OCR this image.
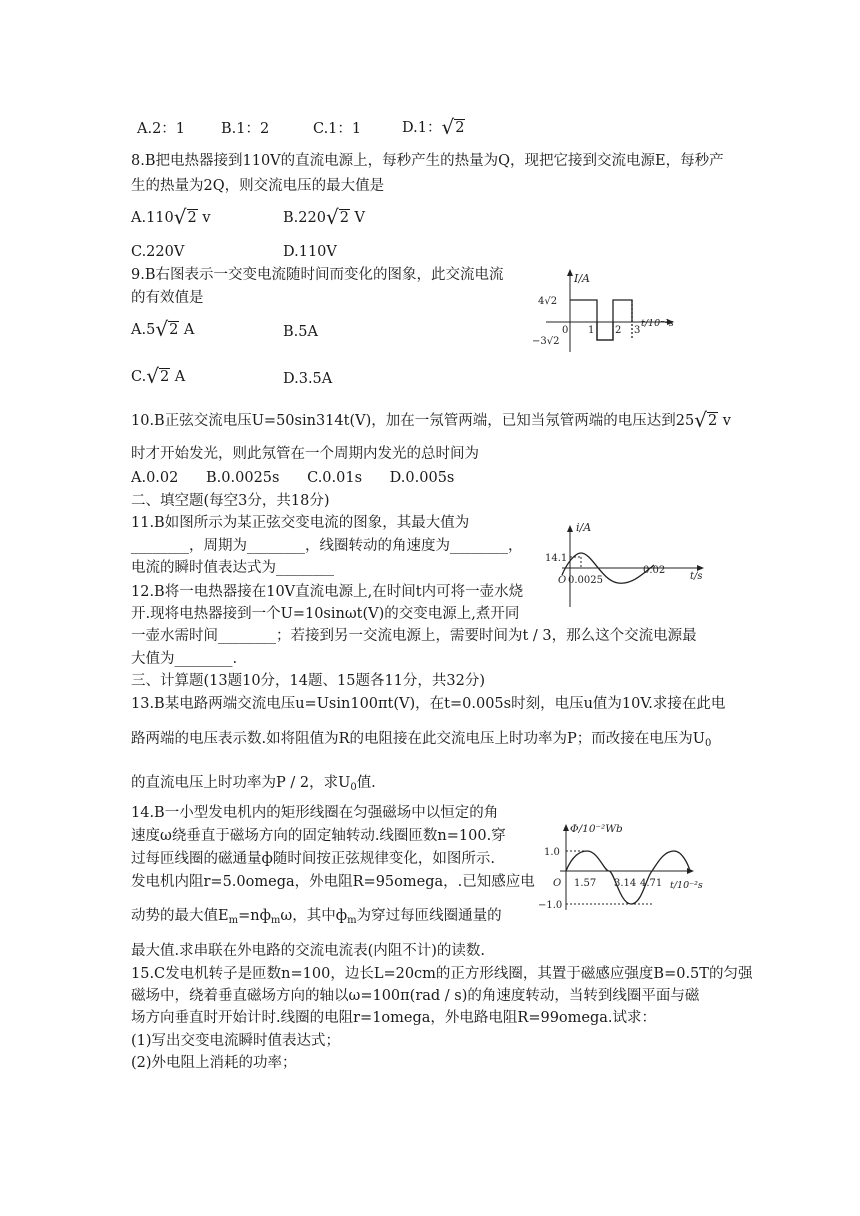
A.2：1 B.1：2	C.1：1	D.1：√2
8.B把电热器接到110V的直流电源上，每秒产生的热量为Q，现把它接到交流电源E，每秒产
生的热量为2Q，则交流电压的最大值是
A.110√2 v	B.220√2 V
C.220V	D.110V
9.B右图表示一交变电流随时间而变化的图象，此交流电流
的有效值是
A.5√2 A	B.5A
C.√2 A	D.3.5A
I/A
4√2
−3√2
0 1 2 3
t/10⁻²s
10.B正弦交流电压U=50sin314t(V)，加在一氖管两端，已知当氖管两端的电压达到25√2 v
时才开始发光，则此氖管在一个周期内发光的总时间为
A.0.02      B.0.0025s      C.0.01s      D.0.005s
二、填空题(每空3分，共18分)
11.B如图所示为某正弦交变电流的图象，其最大值为
________，周期为________，线圈转动的角速度为________，
电流的瞬时值表达式为________
i/A
14.1
O 0.0025
0.02
t/s
12.B将一电热器接在10V直流电源上,在时间t内可将一壶水烧
开.现将电热器接到一个U=10sinωt(V)的交变电源上,煮开同
一壶水需时间________；若接到另一交流电源上，需要时间为t / 3，那么这个交流电源最
大值为________.
三、计算题(13题10分，14题、15题各11分，共32分)
13.B某电路两端交流电压u=Usin100πt(V)，在t=0.005s时刻，电压u值为10V.求接在此电
路两端的电压表示数.如将阻值为R的电阻接在此交流电压上时功率为P；而改接在电压为$U_0$
的直流电压上时功率为P / 2，求$U_0$值.
14.B一小型发电机内的矩形线圈在匀强磁场中以恒定的角
速度ω绕垂直于磁场方向的固定轴转动.线圈匝数n=100.穿
过每匝线圈的磁通量ф随时间按正弦规律变化，如图所示.
发电机内阻r=5.0omega，外电阻R=95omega，.已知感应电
动势的最大值$E_m=nф_m\omega$，其中$ф_m$为穿过每匝线圈通量的
最大值.求串联在外电路的交流电流表(内阻不计)的读数.
Φ/10⁻²Wb
1.0
−1.0
O 1.57 3.14 4.71 t/10⁻²s
15.C发电机转子是匝数n=100，边长L=20cm的正方形线圈，其置于磁感应强度B=0.5T的匀强
磁场中，绕着垂直磁场方向的轴以ω=100π(rad / s)的角速度转动，当转到线圈平面与磁
场方向垂直时开始计时.线圈的电阻r=1omega，外电路电阻R=99omega.试求：
(1)写出交变电流瞬时值表达式；
(2)外电阻上消耗的功率；
